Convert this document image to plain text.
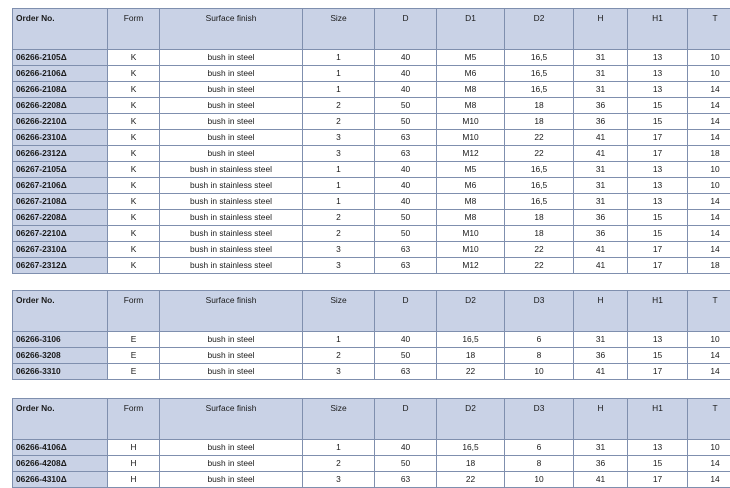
Order No.	Form	Surface finish	Size	D	D1	D2	H	H1	T
06266-2105Δ	K	bush in steel	1	40	M5	16,5	31	13	10
06266-2106Δ	K	bush in steel	1	40	M6	16,5	31	13	10
06266-2108Δ	K	bush in steel	1	40	M8	16,5	31	13	14
06266-2208Δ	K	bush in steel	2	50	M8	18	36	15	14
06266-2210Δ	K	bush in steel	2	50	M10	18	36	15	14
06266-2310Δ	K	bush in steel	3	63	M10	22	41	17	14
06266-2312Δ	K	bush in steel	3	63	M12	22	41	17	18
06267-2105Δ	K	bush in stainless steel	1	40	M5	16,5	31	13	10
06267-2106Δ	K	bush in stainless steel	1	40	M6	16,5	31	13	10
06267-2108Δ	K	bush in stainless steel	1	40	M8	16,5	31	13	14
06267-2208Δ	K	bush in stainless steel	2	50	M8	18	36	15	14
06267-2210Δ	K	bush in stainless steel	2	50	M10	18	36	15	14
06267-2310Δ	K	bush in stainless steel	3	63	M10	22	41	17	14
06267-2312Δ	K	bush in stainless steel	3	63	M12	22	41	17	18
Order No.	Form	Surface finish	Size	D	D2	D3	H	H1	T
06266-3106	E	bush in steel	1	40	16,5	6	31	13	10
06266-3208	E	bush in steel	2	50	18	8	36	15	14
06266-3310	E	bush in steel	3	63	22	10	41	17	14
Order No.	Form	Surface finish	Size	D	D2	D3	H	H1	T
06266-4106Δ	H	bush in steel	1	40	16,5	6	31	13	10
06266-4208Δ	H	bush in steel	2	50	18	8	36	15	14
06266-4310Δ	H	bush in steel	3	63	22	10	41	17	14
